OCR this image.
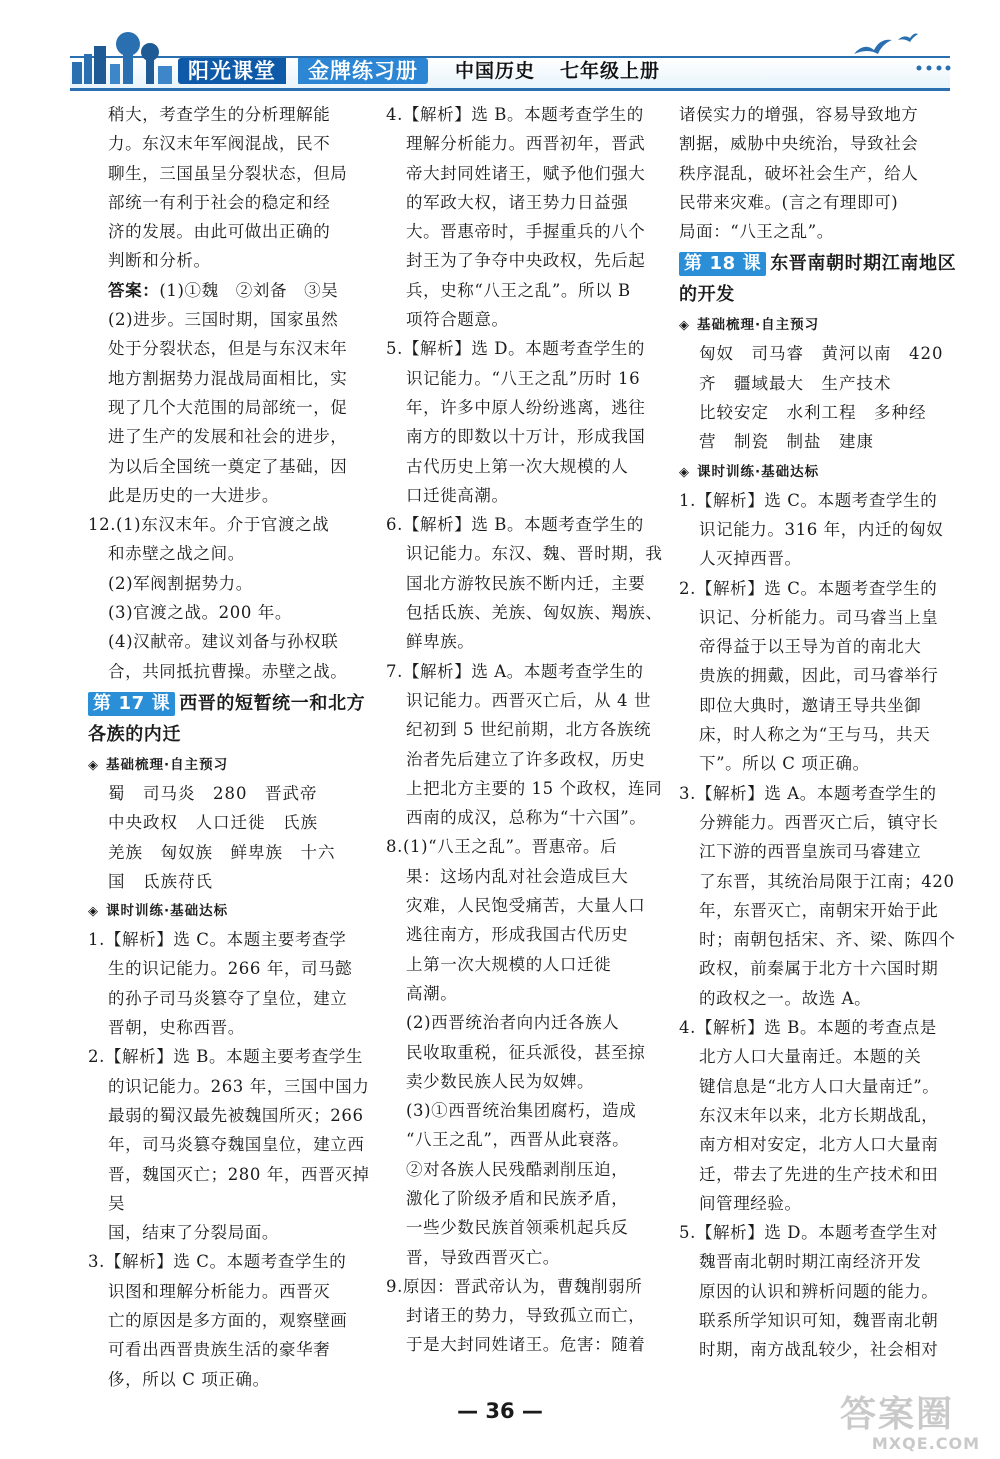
阳光课堂	金牌练习册	中国历史 七年级上册

稍大，考查学生的分析理解能

力。东汉末年军阀混战，民不

聊生，三国虽呈分裂状态，但局

部统一有利于社会的稳定和经

济的发展。由此可做出正确的

判断和分析。

答案：(1)①魏　②刘备　③吴

(2)进步。三国时期，国家虽然

处于分裂状态，但是与东汉末年

地方割据势力混战局面相比，实

现了几个大范围的局部统一，促

进了生产的发展和社会的进步，

为以后全国统一奠定了基础，因

此是历史的一大进步。

12.(1)东汉末年。介于官渡之战

和赤壁之战之间。

(2)军阀割据势力。

(3)官渡之战。200 年。

(4)汉献帝。建议刘备与孙权联

合，共同抵抗曹操。赤壁之战。

第 17 课 西晋的短暂统一和北方各族的内迁
◈ 基础梳理·自主预习

蜀　司马炎　280　晋武帝

中央政权　人口迁徙　氏族

羌族　匈奴族　鲜卑族　十六

国　氐族苻氏

◈ 课时训练·基础达标

1.【解析】选 C。本题主要考查学

生的识记能力。266 年，司马懿

的孙子司马炎篡夺了皇位，建立

晋朝，史称西晋。

2.【解析】选 B。本题主要考查学生

的识记能力。263 年，三国中国力

最弱的蜀汉最先被魏国所灭；266

年，司马炎篡夺魏国皇位，建立西

晋，魏国灭亡；280 年，西晋灭掉吴

国，结束了分裂局面。

3.【解析】选 C。本题考查学生的

识图和理解分析能力。西晋灭

亡的原因是多方面的，观察壁画

可看出西晋贵族生活的豪华奢

侈，所以 C 项正确。

4.【解析】选 B。本题考查学生的

理解分析能力。西晋初年，晋武

帝大封同姓诸王，赋予他们强大

的军政大权，诸王势力日益强

大。晋惠帝时，手握重兵的八个

封王为了争夺中央政权，先后起

兵，史称“八王之乱”。所以 B

项符合题意。

5.【解析】选 D。本题考查学生的

识记能力。“八王之乱”历时 16

年，许多中原人纷纷逃离，逃往

南方的即数以十万计，形成我国

古代历史上第一次大规模的人

口迁徙高潮。

6.【解析】选 B。本题考查学生的

识记能力。东汉、魏、晋时期，我

国北方游牧民族不断内迁，主要

包括氐族、羌族、匈奴族、羯族、

鲜卑族。

7.【解析】选 A。本题考查学生的

识记能力。西晋灭亡后，从 4 世

纪初到 5 世纪前期，北方各族统

治者先后建立了许多政权，历史

上把北方主要的 15 个政权，连同

西南的成汉，总称为“十六国”。

8.(1)“八王之乱”。晋惠帝。后

果：这场内乱对社会造成巨大

灾难，人民饱受痛苦，大量人口

逃往南方，形成我国古代历史

上第一次大规模的人口迁徙

高潮。

(2)西晋统治者向内迁各族人

民收取重税，征兵派役，甚至掠

卖少数民族人民为奴婢。

(3)①西晋统治集团腐朽，造成

“八王之乱”，西晋从此衰落。

②对各族人民残酷剥削压迫，

激化了阶级矛盾和民族矛盾，

一些少数民族首领乘机起兵反

晋，导致西晋灭亡。

9.原因：晋武帝认为，曹魏削弱所

封诸王的势力，导致孤立而亡，

于是大封同姓诸王。危害：随着

诸侯实力的增强，容易导致地方

割据，威胁中央统治，导致社会

秩序混乱，破坏社会生产，给人

民带来灾难。(言之有理即可)

局面：“八王之乱”。

第 18 课 东晋南朝时期江南地区的开发
◈ 基础梳理·自主预习

匈奴　司马睿　黄河以南　420

齐　疆域最大　生产技术

比较安定　水利工程　多种经

营　制瓷　制盐　建康

◈ 课时训练·基础达标

1.【解析】选 C。本题考查学生的

识记能力。316 年，内迁的匈奴

人灭掉西晋。

2.【解析】选 C。本题考查学生的

识记、分析能力。司马睿当上皇

帝得益于以王导为首的南北大

贵族的拥戴，因此，司马睿举行

即位大典时，邀请王导共坐御

床，时人称之为“王与马，共天

下”。所以 C 项正确。

3.【解析】选 A。本题考查学生的

分辨能力。西晋灭亡后，镇守长

江下游的西晋皇族司马睿建立

了东晋，其统治局限于江南；420

年，东晋灭亡，南朝宋开始于此

时；南朝包括宋、齐、梁、陈四个

政权，前秦属于北方十六国时期

的政权之一。故选 A。

4.【解析】选 B。本题的考查点是

北方人口大量南迁。本题的关

键信息是“北方人口大量南迁”。

东汉末年以来，北方长期战乱，

南方相对安定，北方人口大量南

迁，带去了先进的生产技术和田

间管理经验。

5.【解析】选 D。本题考查学生对

魏晋南北朝时期江南经济开发

原因的认识和辨析问题的能力。

联系所学知识可知，魏晋南北朝

时期，南方战乱较少，社会相对

— 36 —	答案圈
MXQE.COM
